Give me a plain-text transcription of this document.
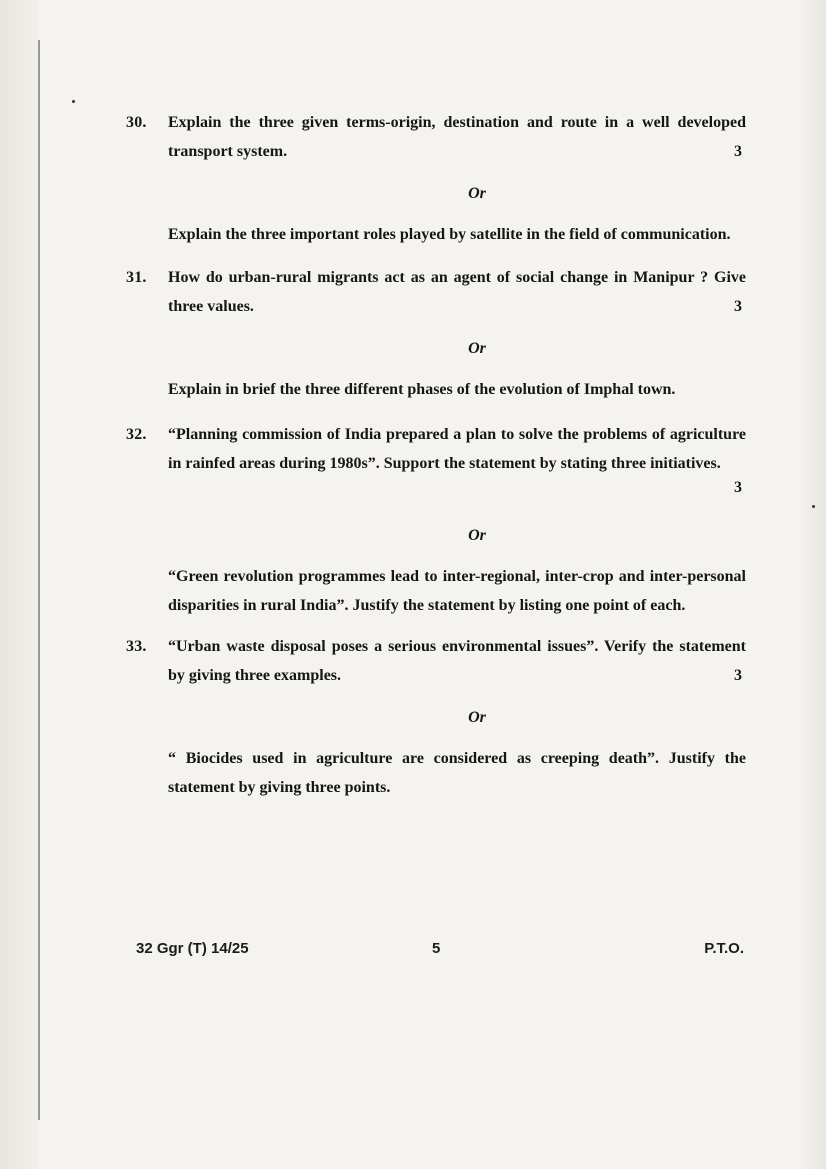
30.	Explain the three given terms-origin, destination and route in a well developed transport system.	3
Or

Explain the three important roles played by satellite in the field of communication.

31.	How do urban-rural migrants act as an agent of social change in Manipur ? Give three values.	3
Or

Explain in brief the three different phases of the evolution of Imphal town.

32.	“Planning commission of India prepared a plan to solve the problems of agriculture in rainfed areas during 1980s”. Support the statement by stating three initiatives.

3
Or

“Green revolution programmes lead to inter-regional, inter-crop and inter-personal disparities in rural India”. Justify the statement by listing one point of each.

33.	“Urban waste disposal poses a serious environmental issues”. Verify the statement by giving three examples.	3
Or

“ Biocides used in agriculture are considered as creeping death”. Justify the statement by giving three points.

32 Ggr (T) 14/25	5	P.T.O.
